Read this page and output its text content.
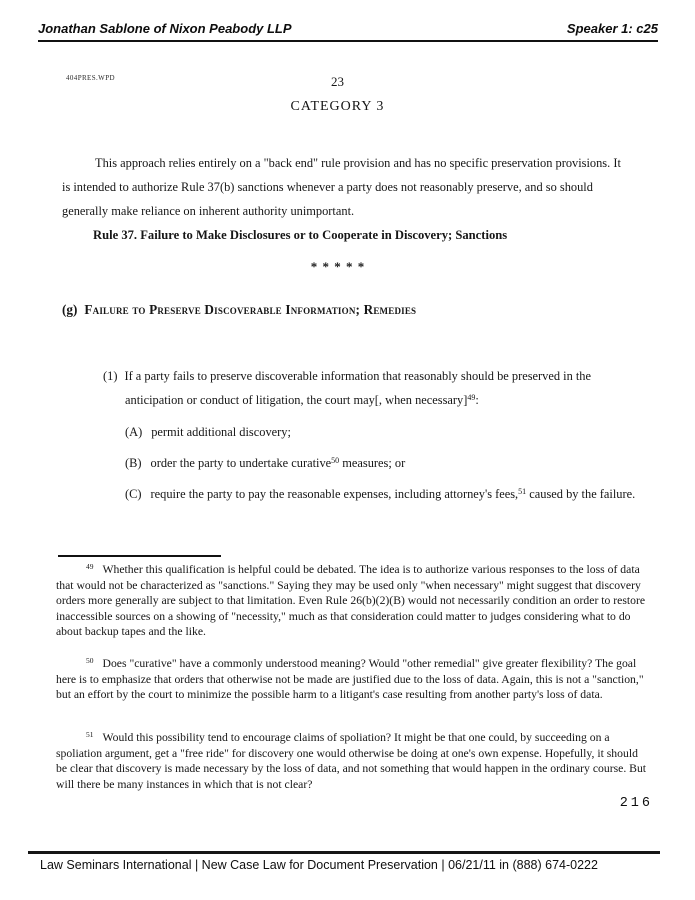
Jonathan Sablone of Nixon Peabody LLP	Speaker 1: c25
404PRES.WPD	23
CATEGORY 3

This approach relies entirely on a "back end" rule provision and has no specific preservation provisions. It is intended to authorize Rule 37(b) sanctions whenever a party does not reasonably preserve, and so should generally make reliance on inherent authority unimportant.

Rule 37. Failure to Make Disclosures or to Cooperate in Discovery; Sanctions
* * * * *
(g) Failure to Preserve Discoverable Information; Remedies
(1) If a party fails to preserve discoverable information that reasonably should be preserved in the anticipation or conduct of litigation, the court may[, when necessary]$^{49}$:
(A) permit additional discovery;
(B) order the party to undertake curative$^{50}$ measures; or
(C) require the party to pay the reasonable expenses, including attorney's fees,$^{51}$ caused by the failure.
$^{49}$ Whether this qualification is helpful could be debated. The idea is to authorize various responses to the loss of data that would not be characterized as "sanctions." Saying they may be used only "when necessary" might suggest that discovery orders more generally are subject to that limitation. Even Rule 26(b)(2)(B) would not necessarily condition an order to restore inaccessible sources on a showing of "necessity," much as that consideration could matter to judges considering what to do about backup tapes and the like.
$^{50}$ Does "curative" have a commonly understood meaning? Would "other remedial" give greater flexibility? The goal here is to emphasize that orders that otherwise not be made are justified due to the loss of data. Again, this is not a "sanction," but an effort by the court to minimize the possible harm to a litigant's case resulting from another party's loss of data.
$^{51}$ Would this possibility tend to encourage claims of spoliation? It might be that one could, by succeeding on a spoliation argument, get a "free ride" for discovery one would otherwise be doing at one's own expense. Hopefully, it should be clear that discovery is made necessary by the loss of data, and not something that would happen in the ordinary course. But will there be many instances in which that is not clear?
216
Law Seminars International | New Case Law for Document Preservation | 06/21/11 in (888) 674-0222
